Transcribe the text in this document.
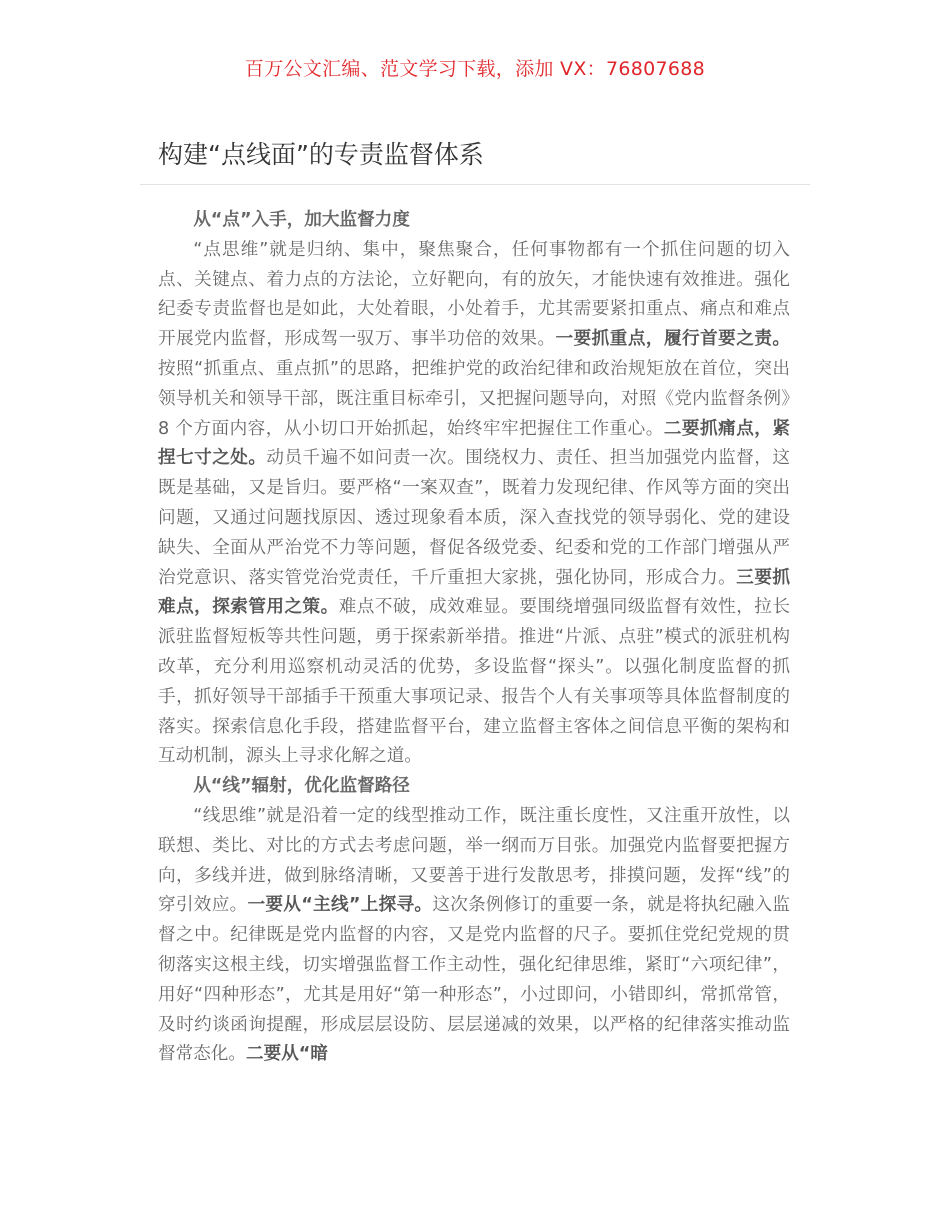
百万公文汇编、范文学习下载，添加 VX：76807688
构建“点线面”的专责监督体系

从“点”入手，加大监督力度

“点思维”就是归纳、集中，聚焦聚合，任何事物都有一个抓住问题的切入点、关键点、着力点的方法论，立好靶向，有的放矢，才能快速有效推进。强化纪委专责监督也是如此，大处着眼，小处着手，尤其需要紧扣重点、痛点和难点开展党内监督，形成驾一驭万、事半功倍的效果。一要抓重点，履行首要之责。按照“抓重点、重点抓”的思路，把维护党的政治纪律和政治规矩放在首位，突出领导机关和领导干部，既注重目标牵引，又把握问题导向，对照《党内监督条例》8 个方面内容，从小切口开始抓起，始终牢牢把握住工作重心。二要抓痛点，紧捏七寸之处。动员千遍不如问责一次。围绕权力、责任、担当加强党内监督，这既是基础，又是旨归。要严格“一案双查”，既着力发现纪律、作风等方面的突出问题，又通过问题找原因、透过现象看本质，深入查找党的领导弱化、党的建设缺失、全面从严治党不力等问题，督促各级党委、纪委和党的工作部门增强从严治党意识、落实管党治党责任，千斤重担大家挑，强化协同，形成合力。三要抓难点，探索管用之策。难点不破，成效难显。要围绕增强同级监督有效性，拉长派驻监督短板等共性问题，勇于探索新举措。推进“片派、点驻”模式的派驻机构改革，充分利用巡察机动灵活的优势，多设监督“探头”。以强化制度监督的抓手，抓好领导干部插手干预重大事项记录、报告个人有关事项等具体监督制度的落实。探索信息化手段，搭建监督平台，建立监督主客体之间信息平衡的架构和互动机制，源头上寻求化解之道。

从“线”辐射，优化监督路径

“线思维”就是沿着一定的线型推动工作，既注重长度性，又注重开放性，以联想、类比、对比的方式去考虑问题，举一纲而万目张。加强党内监督要把握方向，多线并进，做到脉络清晰，又要善于进行发散思考，排摸问题，发挥“线”的穿引效应。一要从“主线”上探寻。这次条例修订的重要一条，就是将执纪融入监督之中。纪律既是党内监督的内容，又是党内监督的尺子。要抓住党纪党规的贯彻落实这根主线，切实增强监督工作主动性，强化纪律思维，紧盯“六项纪律”，用好“四种形态”，尤其是用好“第一种形态”，小过即问，小错即纠，常抓常管，及时约谈函询提醒，形成层层设防、层层递减的效果，以严格的纪律落实推动监督常态化。二要从“暗
